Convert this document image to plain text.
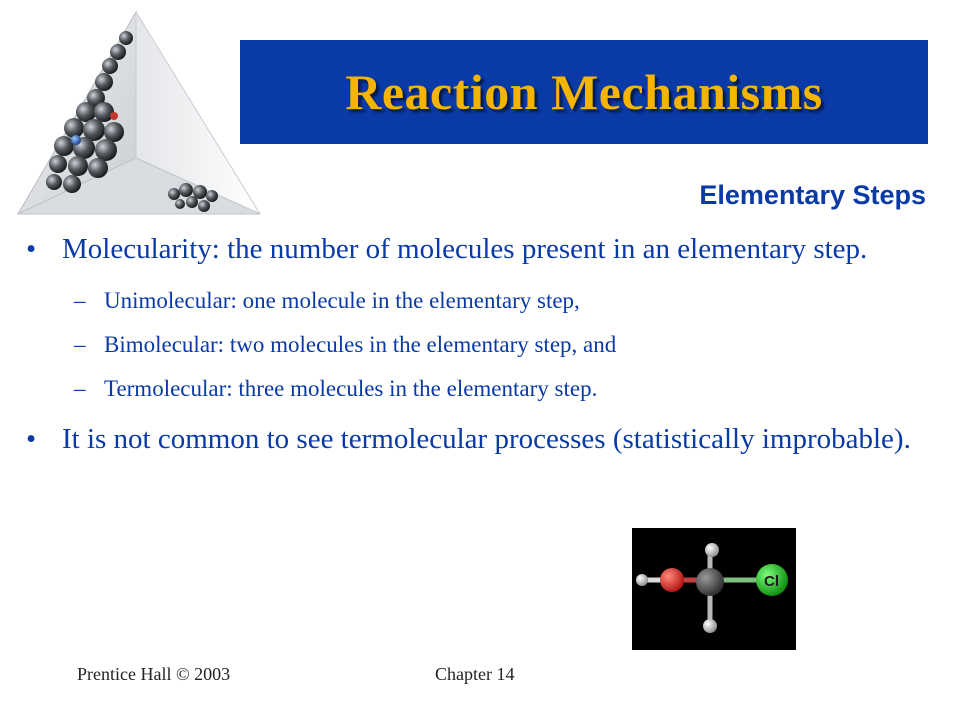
Reaction Mechanisms
Elementary Steps
• Molecularity: the number of molecules present in an elementary step.
– Unimolecular: one molecule in the elementary step,
– Bimolecular: two molecules in the elementary step, and
– Termolecular: three molecules in the elementary step.
• It is not common to see termolecular processes (statistically improbable).
Cl
Prentice Hall © 2003	Chapter 14
